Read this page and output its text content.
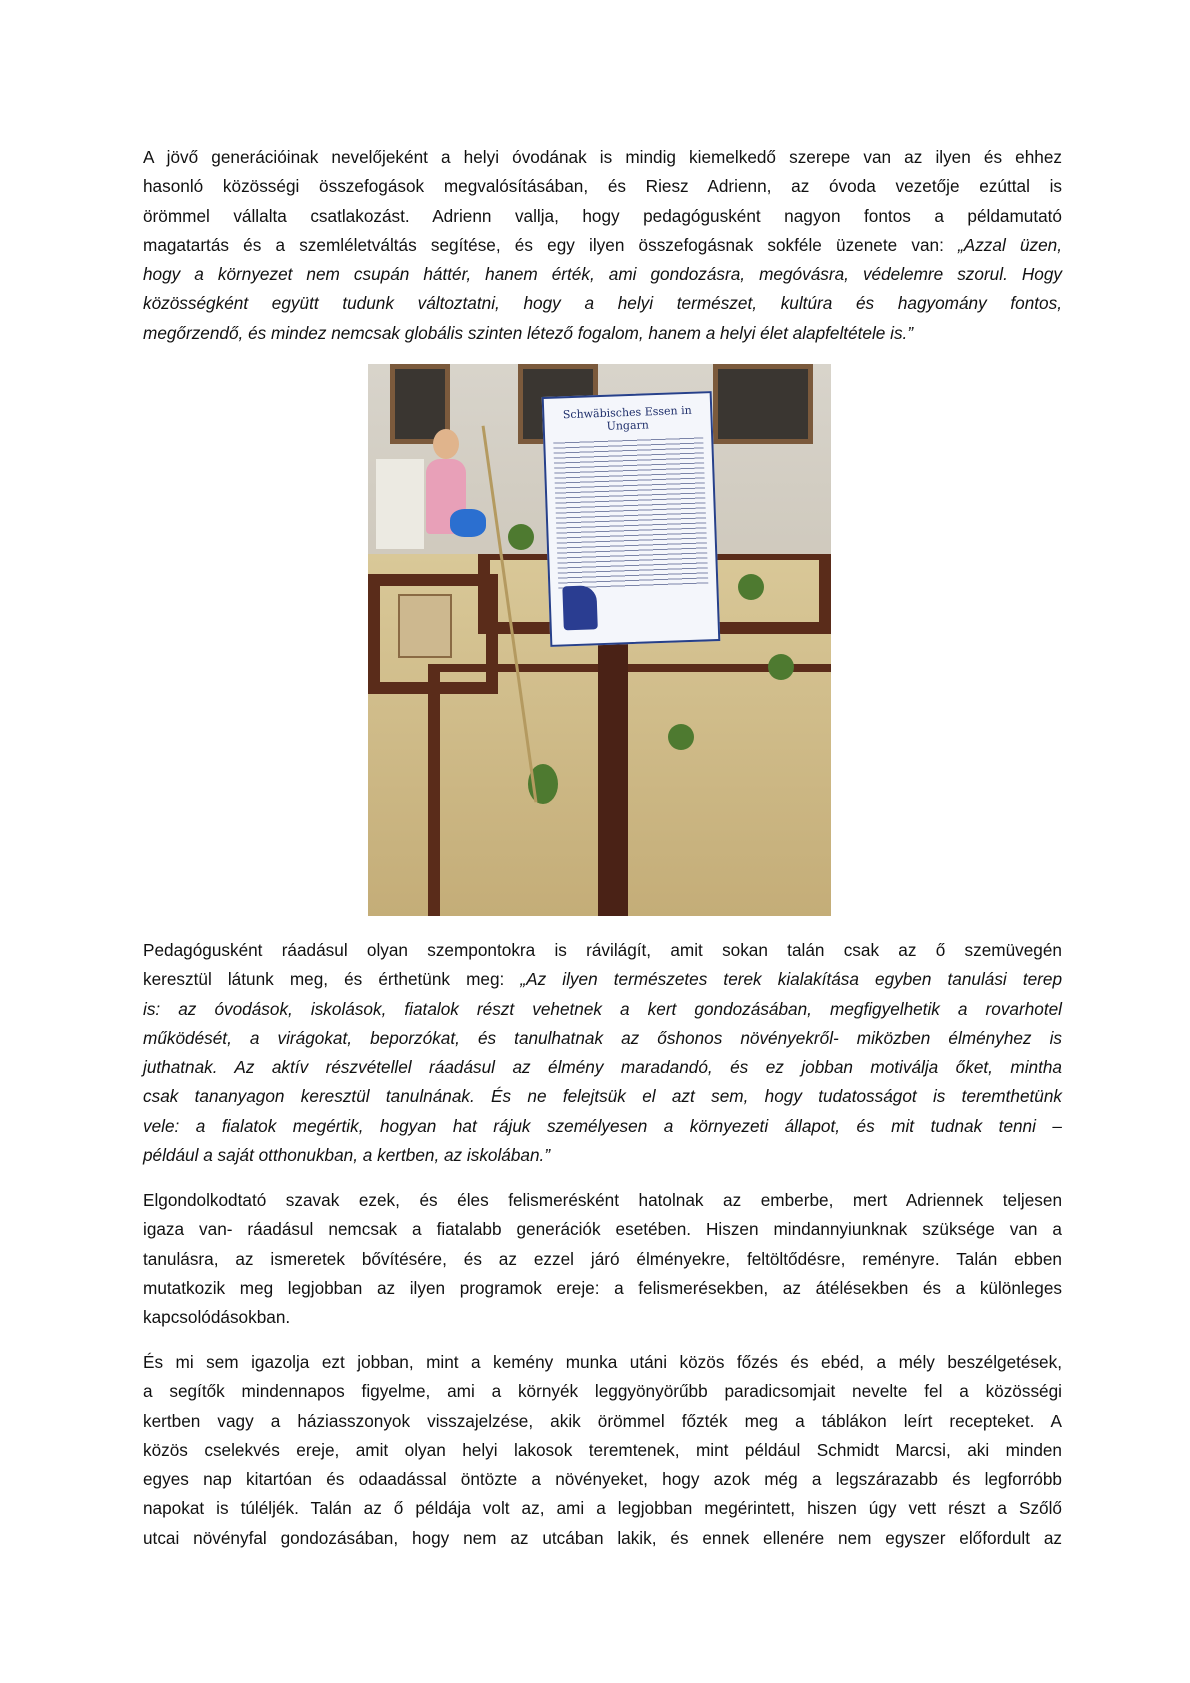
A jövő generációinak nevelőjeként a helyi óvodának is mindig kiemelkedő szerepe van az ilyen és ehhez
hasonló közösségi összefogások megvalósításában, és Riesz Adrienn, az óvoda vezetője ezúttal is
örömmel vállalta csatlakozást. Adrienn vallja, hogy pedagógusként nagyon fontos a példamutató
magatartás és a szemléletváltás segítése, és egy ilyen összefogásnak sokféle üzenete van: „Azzal üzen,
hogy a környezet nem csupán háttér, hanem érték, ami gondozásra, megóvásra, védelemre szorul. Hogy
közösségként együtt tudunk változtatni, hogy a helyi természet, kultúra és hagyomány fontos,
megőrzendő, és mindez nemcsak globális szinten létező fogalom, hanem a helyi élet alapfeltétele is.”
Schwäbisches Essen in Ungarn
Pedagógusként ráadásul olyan szempontokra is rávilágít, amit sokan talán csak az ő szemüvegén
keresztül látunk meg, és érthetünk meg: „Az ilyen természetes terek kialakítása egyben tanulási terep
is: az óvodások, iskolások, fiatalok részt vehetnek a kert gondozásában, megfigyelhetik a rovarhotel
működését, a virágokat, beporzókat, és tanulhatnak az őshonos növényekről- miközben élményhez is
juthatnak. Az aktív részvétellel ráadásul az élmény maradandó, és ez jobban motiválja őket, mintha
csak tananyagon keresztül tanulnának. És ne felejtsük el azt sem, hogy tudatosságot is teremthetünk
vele: a fialatok megértik, hogyan hat rájuk személyesen a környezeti állapot, és mit tudnak tenni –
például a saját otthonukban, a kertben, az iskolában.”
Elgondolkodtató szavak ezek, és éles felismerésként hatolnak az emberbe, mert Adriennek teljesen
igaza van- ráadásul nemcsak a fiatalabb generációk esetében. Hiszen mindannyiunknak szüksége van a
tanulásra, az ismeretek bővítésére, és az ezzel járó élményekre, feltöltődésre, reményre. Talán ebben
mutatkozik meg legjobban az ilyen programok ereje: a felismerésekben, az átélésekben és a különleges
kapcsolódásokban.
És mi sem igazolja ezt jobban, mint a kemény munka utáni közös főzés és ebéd, a mély beszélgetések,
a segítők mindennapos figyelme, ami a környék leggyönyörűbb paradicsomjait nevelte fel a közösségi
kertben vagy a háziasszonyok visszajelzése, akik örömmel főzték meg a táblákon leírt recepteket. A
közös cselekvés ereje, amit olyan helyi lakosok teremtenek, mint például Schmidt Marcsi, aki minden
egyes nap kitartóan és odaadással öntözte a növényeket, hogy azok még a legszárazabb és legforróbb
napokat is túlélјék. Talán az ő példája volt az, ami a legjobban megérintett, hiszen úgy vett részt a Szőlő
utcai növényfal gondozásában, hogy nem az utcában lakik, és ennek ellenére nem egyszer előfordult az
